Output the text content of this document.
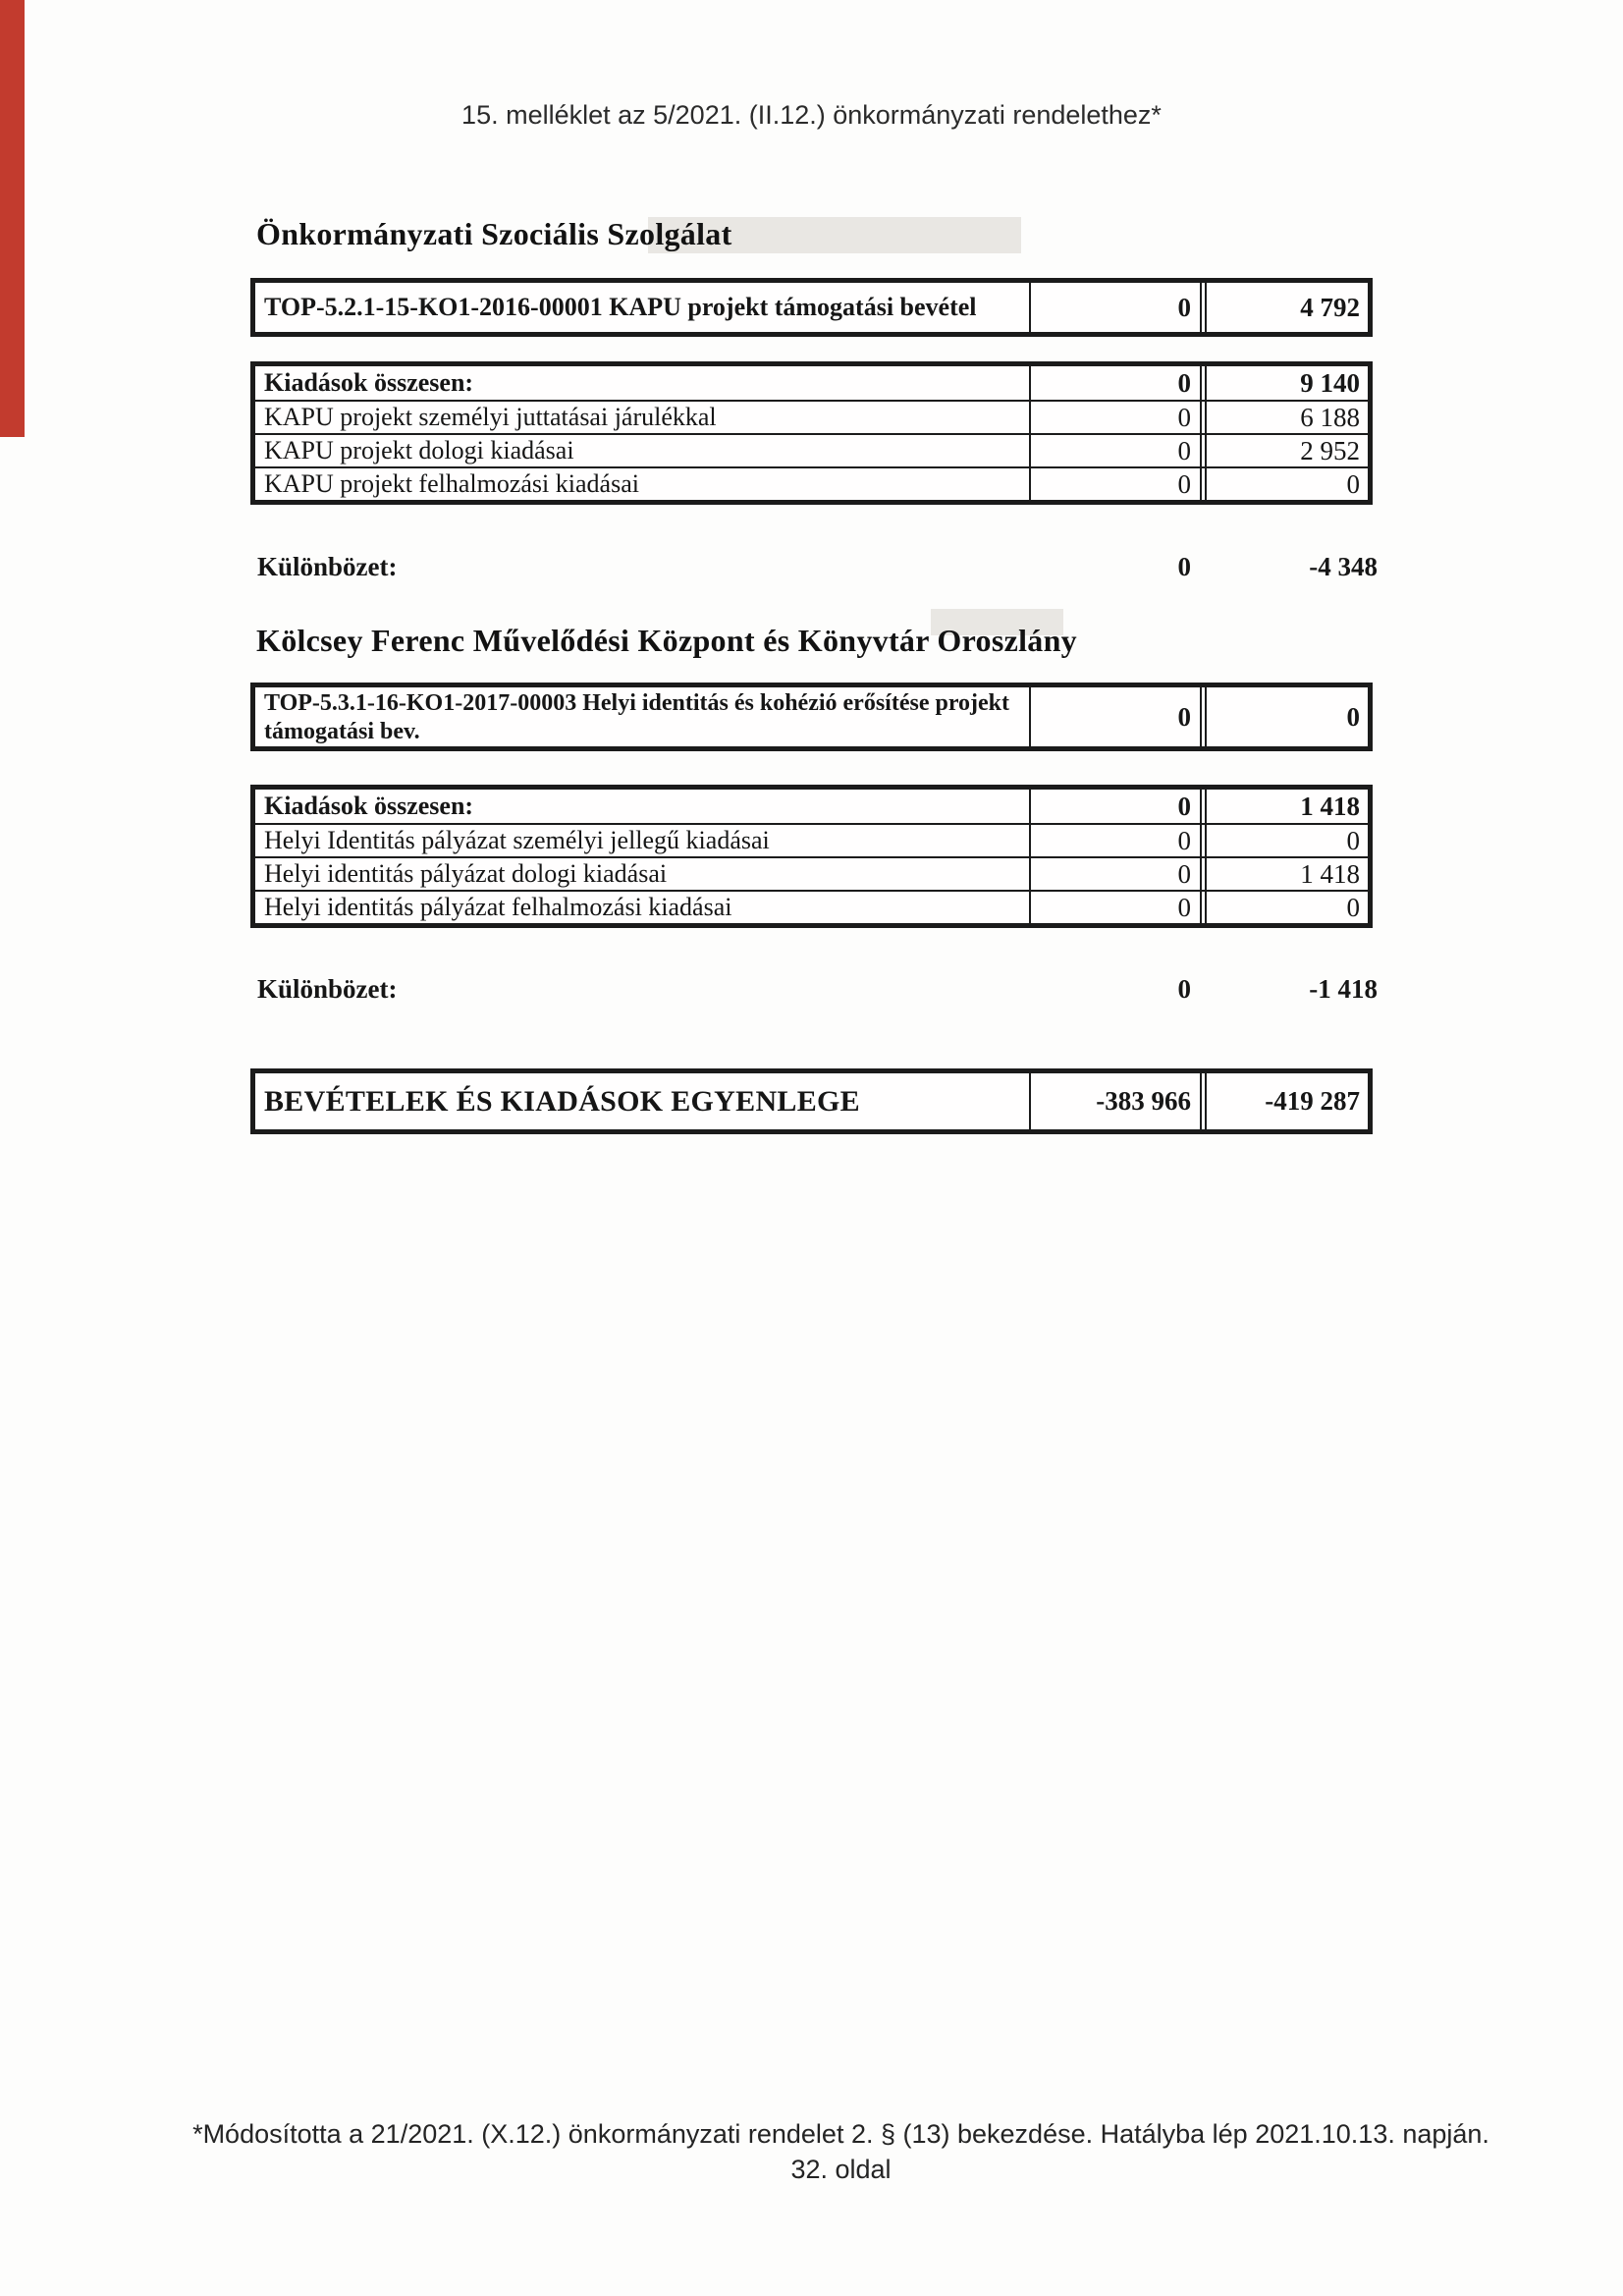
15. melléklet az 5/2021. (II.12.) önkormányzati rendelethez*
Önkormányzati Szociális Szolgálat
TOP-5.2.1-15-KO1-2016-00001 KAPU projekt támogatási bevétel	0	4 792
Kiadások összesen:	0	9 140
KAPU projekt személyi juttatásai járulékkal	0	6 188
KAPU projekt dologi kiadásai	0	2 952
KAPU projekt felhalmozási kiadásai	0	0
Különbözet:	0	-4 348
Kölcsey Ferenc Művelődési Központ és Könyvtár Oroszlány
TOP-5.3.1-16-KO1-2017-00003 Helyi identitás és kohézió erősítése projekt támogatási bev.	0	0
Kiadások összesen:	0	1 418
Helyi Identitás pályázat személyi jellegű kiadásai	0	0
Helyi identitás pályázat dologi kiadásai	0	1 418
Helyi identitás pályázat felhalmozási kiadásai	0	0
Különbözet:	0	-1 418
BEVÉTELEK ÉS KIADÁSOK EGYENLEGE	-383 966	-419 287
*Módosította a 21/2021. (X.12.) önkormányzati rendelet 2. § (13) bekezdése. Hatályba lép 2021.10.13. napján.
32. oldal
